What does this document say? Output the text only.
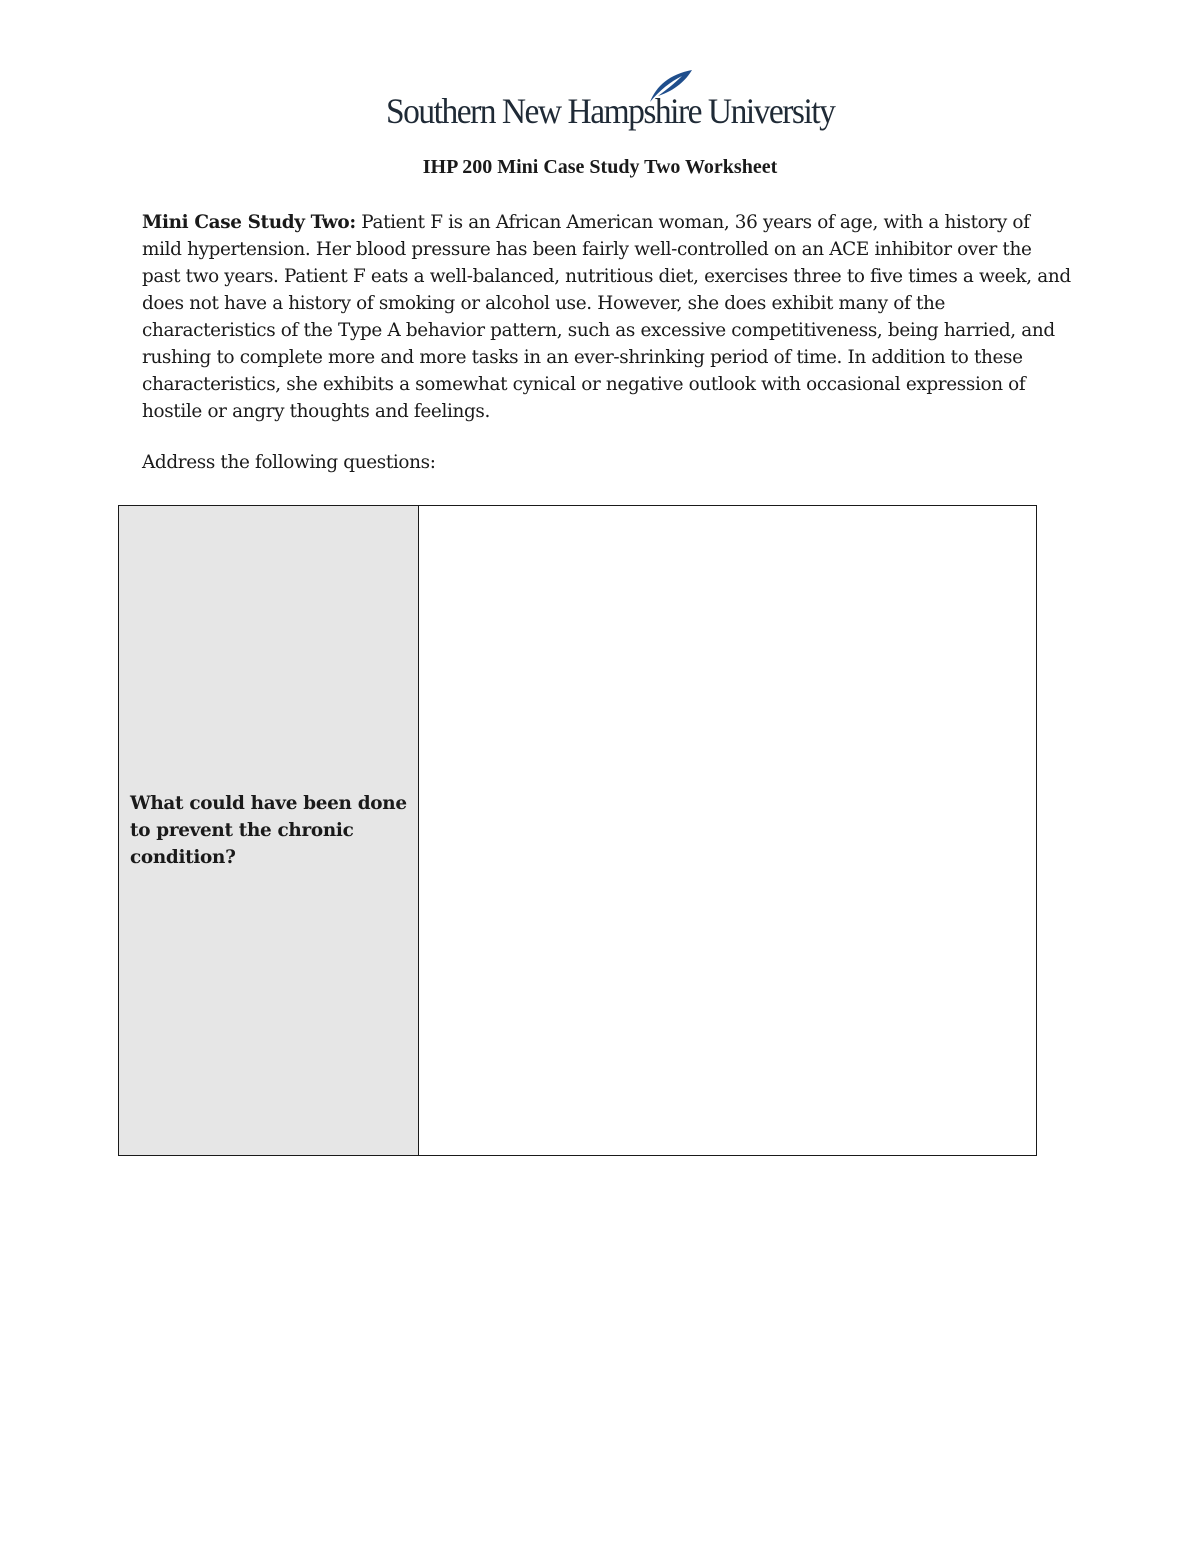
Southern New Hampshire University
IHP 200 Mini Case Study Two Worksheet

Mini Case Study Two: Patient F is an African American woman, 36 years of age, with a history of mild hypertension. Her blood pressure has been fairly well-controlled on an ACE inhibitor over the past two years. Patient F eats a well-balanced, nutritious diet, exercises three to five times a week, and does not have a history of smoking or alcohol use. However, she does exhibit many of the characteristics of the Type A behavior pattern, such as excessive competitiveness, being harried, and rushing to complete more and more tasks in an ever-shrinking period of time. In addition to these characteristics, she exhibits a somewhat cynical or negative outlook with occasional expression of hostile or angry thoughts and feelings.

Address the following questions:

What could have been done to prevent the chronic condition?
